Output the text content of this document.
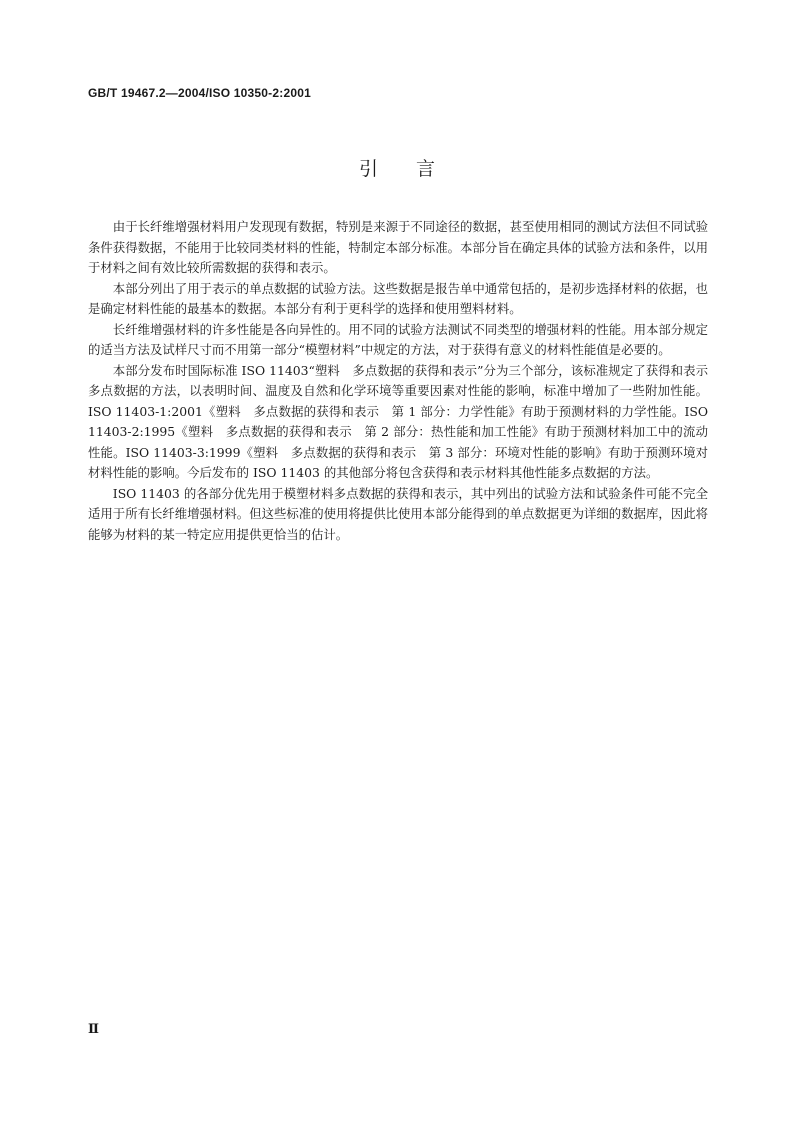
GB/T 19467.2—2004/ISO 10350-2:2001
引言

由于长纤维增强材料用户发现现有数据，特别是来源于不同途径的数据，甚至使用相同的测试方法但不同试验条件获得数据，不能用于比较同类材料的性能，特制定本部分标准。本部分旨在确定具体的试验方法和条件，以用于材料之间有效比较所需数据的获得和表示。

本部分列出了用于表示的单点数据的试验方法。这些数据是报告单中通常包括的，是初步选择材料的依据，也是确定材料性能的最基本的数据。本部分有利于更科学的选择和使用塑料材料。

长纤维增强材料的许多性能是各向异性的。用不同的试验方法测试不同类型的增强材料的性能。用本部分规定的适当方法及试样尺寸而不用第一部分“模塑材料”中规定的方法，对于获得有意义的材料性能值是必要的。

本部分发布时国际标准 ISO 11403“塑料　多点数据的获得和表示”分为三个部分，该标准规定了获得和表示多点数据的方法，以表明时间、温度及自然和化学环境等重要因素对性能的影响，标准中增加了一些附加性能。ISO 11403-1:2001《塑料　多点数据的获得和表示　第 1 部分：力学性能》有助于预测材料的力学性能。ISO 11403-2:1995《塑料　多点数据的获得和表示　第 2 部分：热性能和加工性能》有助于预测材料加工中的流动性能。ISO 11403-3:1999《塑料　多点数据的获得和表示　第 3 部分：环境对性能的影响》有助于预测环境对材料性能的影响。今后发布的 ISO 11403 的其他部分将包含获得和表示材料其他性能多点数据的方法。

ISO 11403 的各部分优先用于模塑材料多点数据的获得和表示，其中列出的试验方法和试验条件可能不完全适用于所有长纤维增强材料。但这些标准的使用将提供比使用本部分能得到的单点数据更为详细的数据库，因此将能够为材料的某一特定应用提供更恰当的估计。

Ⅱ
